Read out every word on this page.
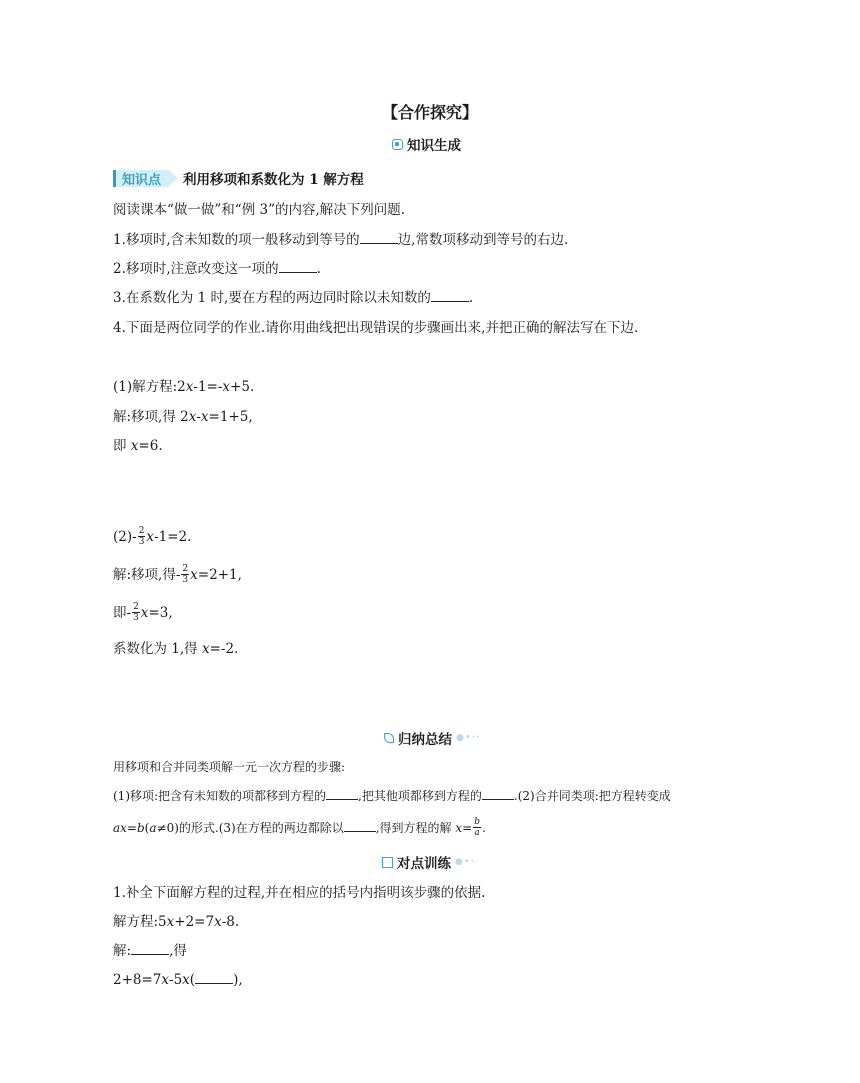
【合作探究】
知识生成
知识点	利用移项和系数化为 1 解方程
阅读课本“做一做”和“例 3”的内容,解决下列问题.
1.移项时,含未知数的项一般移动到等号的	边,常数项移动到等号的右边.
2.移项时,注意改变这一项的	.
3.在系数化为 1 时,要在方程的两边同时除以未知数的	.
4.下面是两位同学的作业.请你用曲线把出现错误的步骤画出来,并把正确的解法写在下边.
(1)解方程:2x-1=-x+5.
解:移项,得 2x-x=1+5,
即 x=6.
$(2)- \frac{2}{3} x-1=2$.
解:移项,得- $\frac{2}{3} x=2+1$,
即- $\frac{2}{3} x=3$,
系数化为 1,得 x=-2.
归纳总结 ●•··
用移项和合并同类项解一元一次方程的步骤:
(1)移项:把含有未知数的项都移到方程的	,把其他项都移到方程的	.(2)合并同类项:把方程转变成
ax=b(a≠0)的形式.(3)在方程的两边都除以	,得到方程的解 $x= \frac{b}{a}$ .
对点训练 ●•·
1.补全下面解方程的过程,并在相应的括号内指明该步骤的依据.
解方程:5x+2=7x-8.
解:	,得
2+8=7x-5x(	),
